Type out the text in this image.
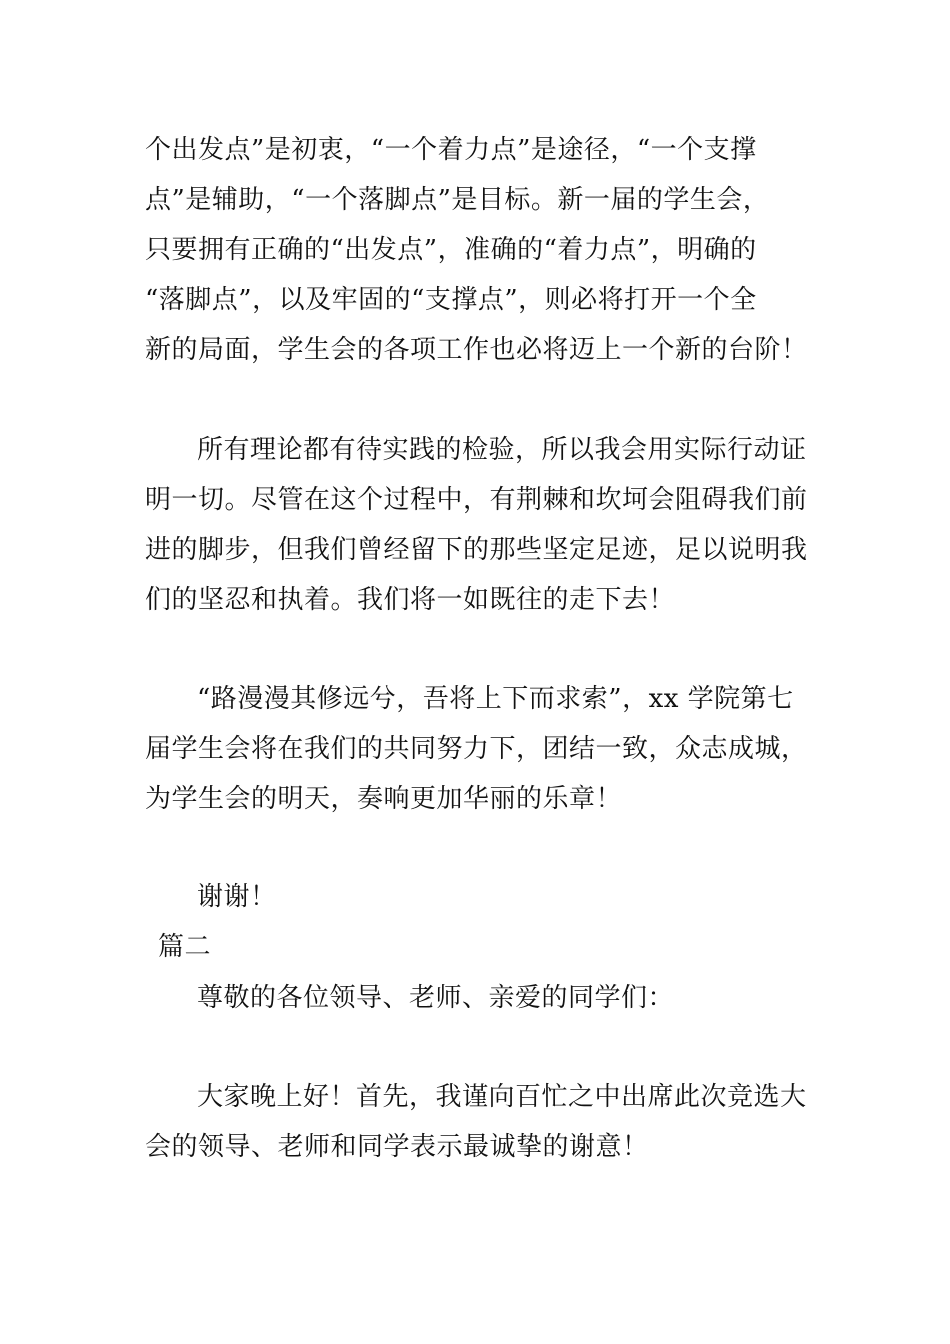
个出发点”是初衷，“一个着力点”是途径，“一个支撑
点”是辅助，“一个落脚点”是目标。新一届的学生会，
只要拥有正确的“出发点”，准确的“着力点”，明确的
“落脚点”，以及牢固的“支撑点”，则必将打开一个全
新的局面，学生会的各项工作也必将迈上一个新的台阶！
所有理论都有待实践的检验，所以我会用实际行动证
明一切。尽管在这个过程中，有荆棘和坎坷会阻碍我们前
进的脚步，但我们曾经留下的那些坚定足迹，足以说明我
们的坚忍和执着。我们将一如既往的走下去！
“路漫漫其修远兮，吾将上下而求索”，xx 学院第七
届学生会将在我们的共同努力下，团结一致，众志成城，
为学生会的明天，奏响更加华丽的乐章！
谢谢！
篇二
尊敬的各位领导、老师、亲爱的同学们：
大家晚上好！首先，我谨向百忙之中出席此次竞选大
会的领导、老师和同学表示最诚挚的谢意！
